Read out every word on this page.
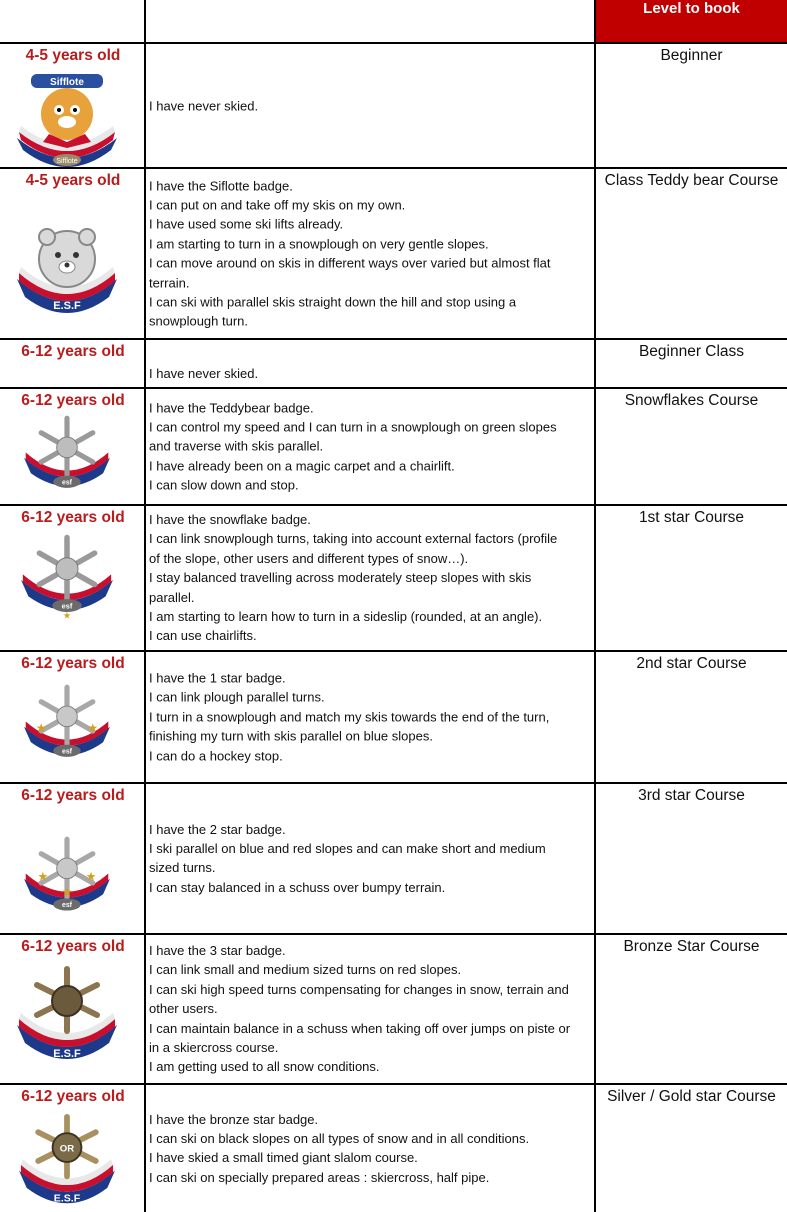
Level to book
4-5 years old
Sifflote
Sifflote
I have never skied.
Beginner
4-5 years old
E.S.F
I have the Siflotte badge.
I can put on and take off my skis on my own.
I have used some ski lifts already.
I am starting to turn in a snowplough on very gentle slopes.
I can move around on skis in different ways over varied but almost flat
terrain.
I can ski with parallel skis straight down the hill and stop using a
snowplough turn.
Class Teddy bear Course
6-12 years old
I have never skied.
Beginner Class
6-12 years old
esf
I have the Teddybear badge.
I can control my speed and I can turn in a snowplough on green slopes
and traverse with skis parallel.
I have already been on a magic carpet and a chairlift.
I can slow down and stop.
Snowflakes Course
6-12 years old
esf
★
I have the snowflake badge.
I can link snowplough turns, taking into account external factors (profile
of the slope, other users and different types of snow…).
I stay balanced travelling across moderately steep slopes with skis
parallel.
I am starting to learn how to turn in a sideslip (rounded, at an angle).
I can use chairlifts.
1st star Course
6-12 years old
★	★
esf
I have the 1 star badge.
I can link plough parallel turns.
I turn in a snowplough and match my skis towards the end of the turn,
finishing my turn with skis parallel on blue slopes.
I can do a hockey stop.
2nd star Course
6-12 years old
★	★
★
esf
I have the 2 star badge.
I ski parallel on blue and red slopes and can make short and medium
sized turns.
I can stay balanced in a schuss over bumpy terrain.
3rd star Course
6-12 years old
E.S.F
I have the 3 star badge.
I can link small and medium sized turns on red slopes.
I can ski high speed turns compensating for changes in snow, terrain and
other users.
I can maintain balance in a schuss when taking off over jumps on piste or
in a skiercross course.
I am getting used to all snow conditions.
Bronze Star Course
6-12 years old
OR
E.S.F
I have the bronze star badge.
I can ski on black slopes on all types of snow and in all conditions.
I have skied a small timed giant slalom course.
I can ski on specially prepared areas : skiercross, half pipe.
Silver / Gold star Course
